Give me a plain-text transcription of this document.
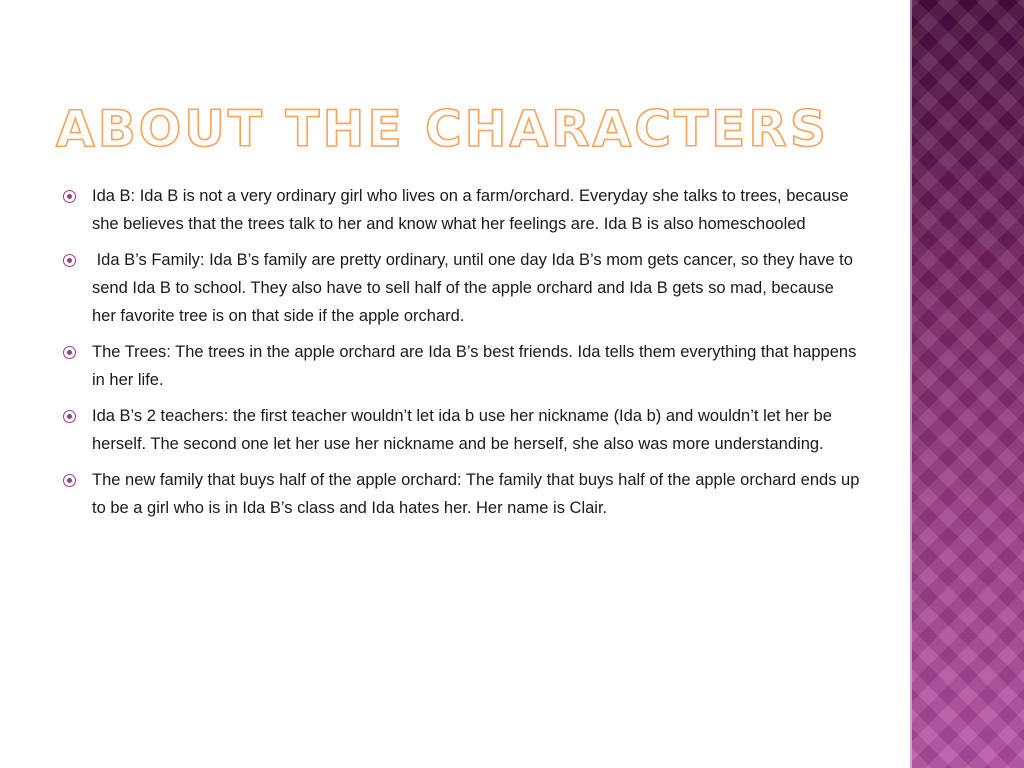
ABOUT THE CHARACTERS
Ida B: Ida B is not a very ordinary girl who lives on a farm/orchard. Everyday she talks to trees, because she believes that the trees talk to her and know what her feelings are. Ida B is also homeschooled
Ida B’s Family: Ida B’s family are pretty ordinary, until one day Ida B’s mom gets cancer, so they have to send Ida B to school. They also have to sell half of the apple orchard and Ida B gets so mad, because her favorite tree is on that side if the apple orchard.
The Trees: The trees in the apple orchard are Ida B’s best friends. Ida tells them everything that happens in her life.
Ida B’s 2 teachers: the first teacher wouldn’t let ida b use her nickname (Ida b) and wouldn’t let her be herself. The second one let her use her nickname and be herself, she also was more understanding.
The new family that buys half of the apple orchard: The family that buys half of the apple orchard ends up to be a girl who is in Ida B’s class and Ida hates her. Her name is Clair.
